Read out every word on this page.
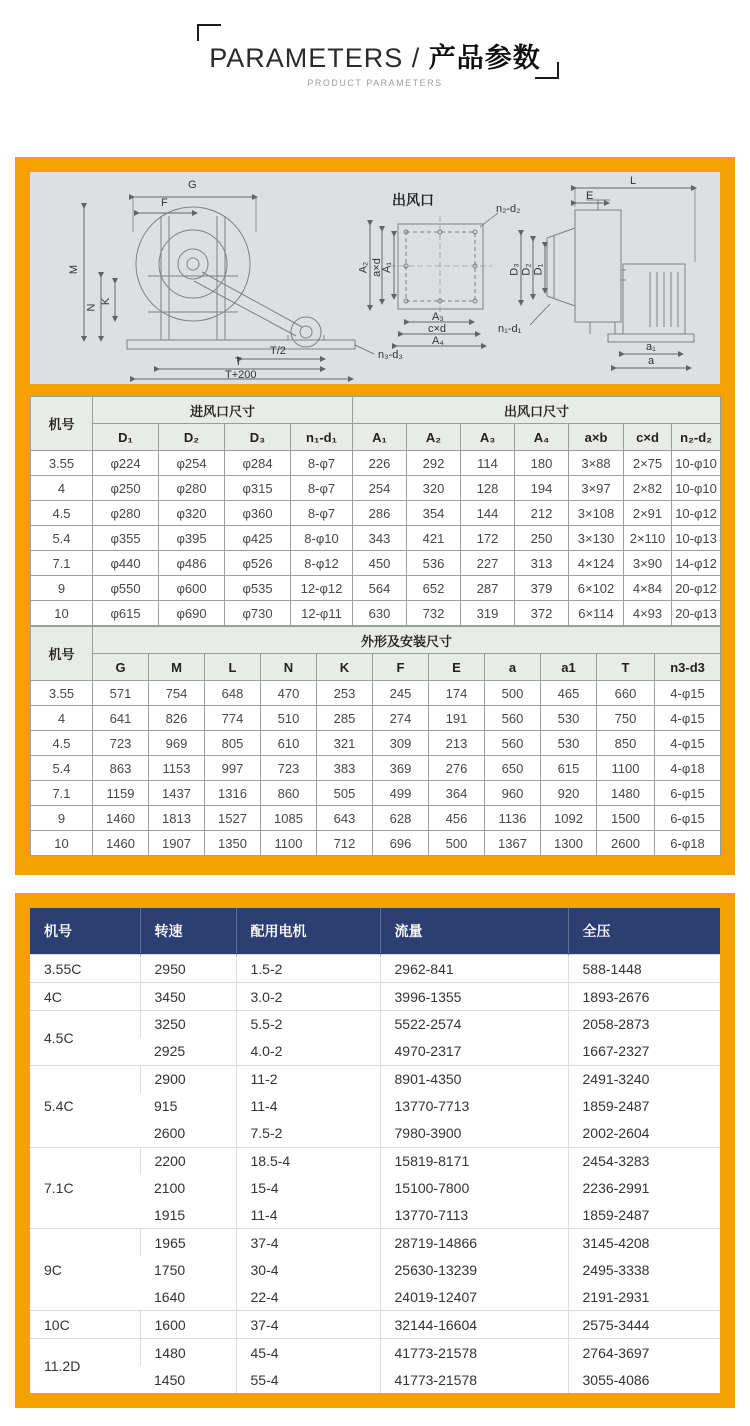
PARAMETERS / 产品参数
PRODUCT PARAMETERS
G
F
M
N
K
T/2
T
T+200
n₃-d₃
出风口
n₂-d₂
A₂ a×d
A₁
A₃
c×d
A₄
L
E
D₃ D₂ D₁
n₁-d₁
a₁
a
机号	进风口尺寸				出风口尺寸						
	D₁	D₂	D₃	n₁-d₁	A₁	A₂	A₃	A₄	a×b	c×d	n₂-d₂
3.55	φ224	φ254	φ284	8-φ7	226	292	114	180	3×88	2×75	10-φ10
4	φ250	φ280	φ315	8-φ7	254	320	128	194	3×97	2×82	10-φ10
4.5	φ280	φ320	φ360	8-φ7	286	354	144	212	3×108	2×91	10-φ12
5.4	φ355	φ395	φ425	8-φ10	343	421	172	250	3×130	2×110	10-φ13
7.1	φ440	φ486	φ526	8-φ12	450	536	227	313	4×124	3×90	14-φ12
9	φ550	φ600	φ535	12-φ12	564	652	287	379	6×102	4×84	20-φ12
10	φ615	φ690	φ730	12-φ11	630	732	319	372	6×114	4×93	20-φ13
机号	外形及安装尺寸										
	G	M	L	N	K	F	E	a	a1	T	n3-d3
3.55	571	754	648	470	253	245	174	500	465	660	4-φ15
4	641	826	774	510	285	274	191	560	530	750	4-φ15
4.5	723	969	805	610	321	309	213	560	530	850	4-φ15
5.4	863	1153	997	723	383	369	276	650	615	1100	4-φ18
7.1	1159	1437	1316	860	505	499	364	960	920	1480	6-φ15
9	1460	1813	1527	1085	643	628	456	1136	1092	1500	6-φ15
10	1460	1907	1350	1100	712	696	500	1367	1300	2600	6-φ18
机号	转速	配用电机	流量	全压
3.55C	2950	1.5-2	2962-841	588-1448
4C	3450	3.0-2	3996-1355	1893-2676
4.5C	3250	5.5-2	5522-2574	2058-2873
	2925	4.0-2	4970-2317	1667-2327
5.4C	2900	11-2	8901-4350	2491-3240
	915	11-4	13770-7713	1859-2487
	2600	7.5-2	7980-3900	2002-2604
7.1C	2200	18.5-4	15819-8171	2454-3283
	2100	15-4	15100-7800	2236-2991
	1915	11-4	13770-7113	1859-2487
9C	1965	37-4	28719-14866	3145-4208
	1750	30-4	25630-13239	2495-3338
	1640	22-4	24019-12407	2191-2931
10C	1600	37-4	32144-16604	2575-3444
11.2D	1480	45-4	41773-21578	2764-3697
	1450	55-4	41773-21578	3055-4086
